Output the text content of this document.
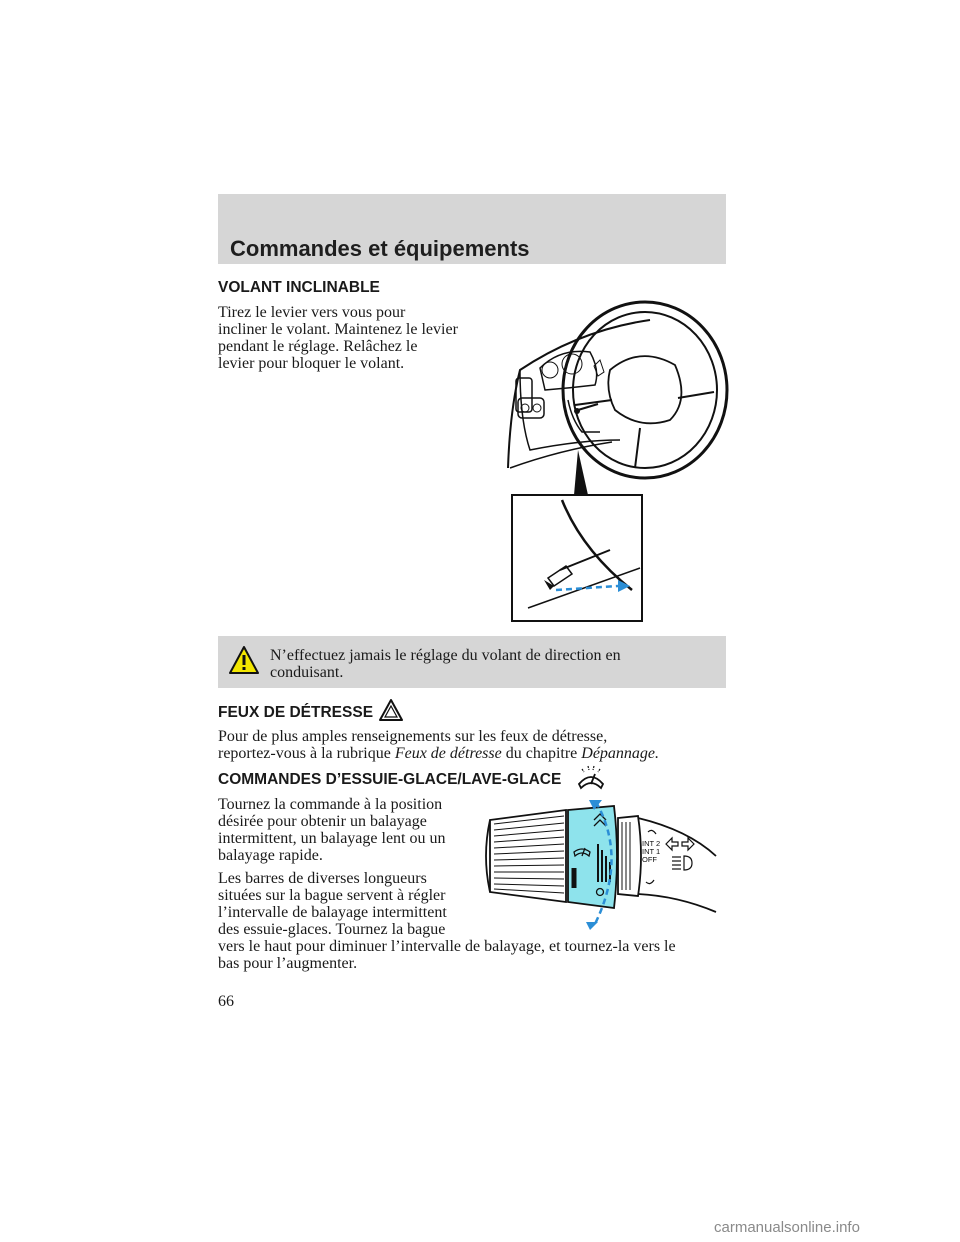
Commandes et équipements
VOLANT INCLINABLE
Tirez le levier vers vous pour
incliner le volant. Maintenez le levier
pendant le réglage. Relâchez le
levier pour bloquer le volant.
N’effectuez jamais le réglage du volant de direction en
conduisant.
FEUX DE DÉTRESSE
Pour de plus amples renseignements sur les feux de détresse,
reportez-vous à la rubrique Feux de détresse du chapitre Dépannage.
COMMANDES D’ESSUIE-GLACE/LAVE-GLACE
Tournez la commande à la position
désirée pour obtenir un balayage
intermittent, un balayage lent ou un
balayage rapide.
Les barres de diverses longueurs
situées sur la bague servent à régler
l’intervalle de balayage intermittent
des essuie-glaces. Tournez la bague
vers le haut pour diminuer l’intervalle de balayage, et tournez-la vers le
bas pour l’augmenter.
INT 2
INT 1
OFF
66
carmanualsonline.info
